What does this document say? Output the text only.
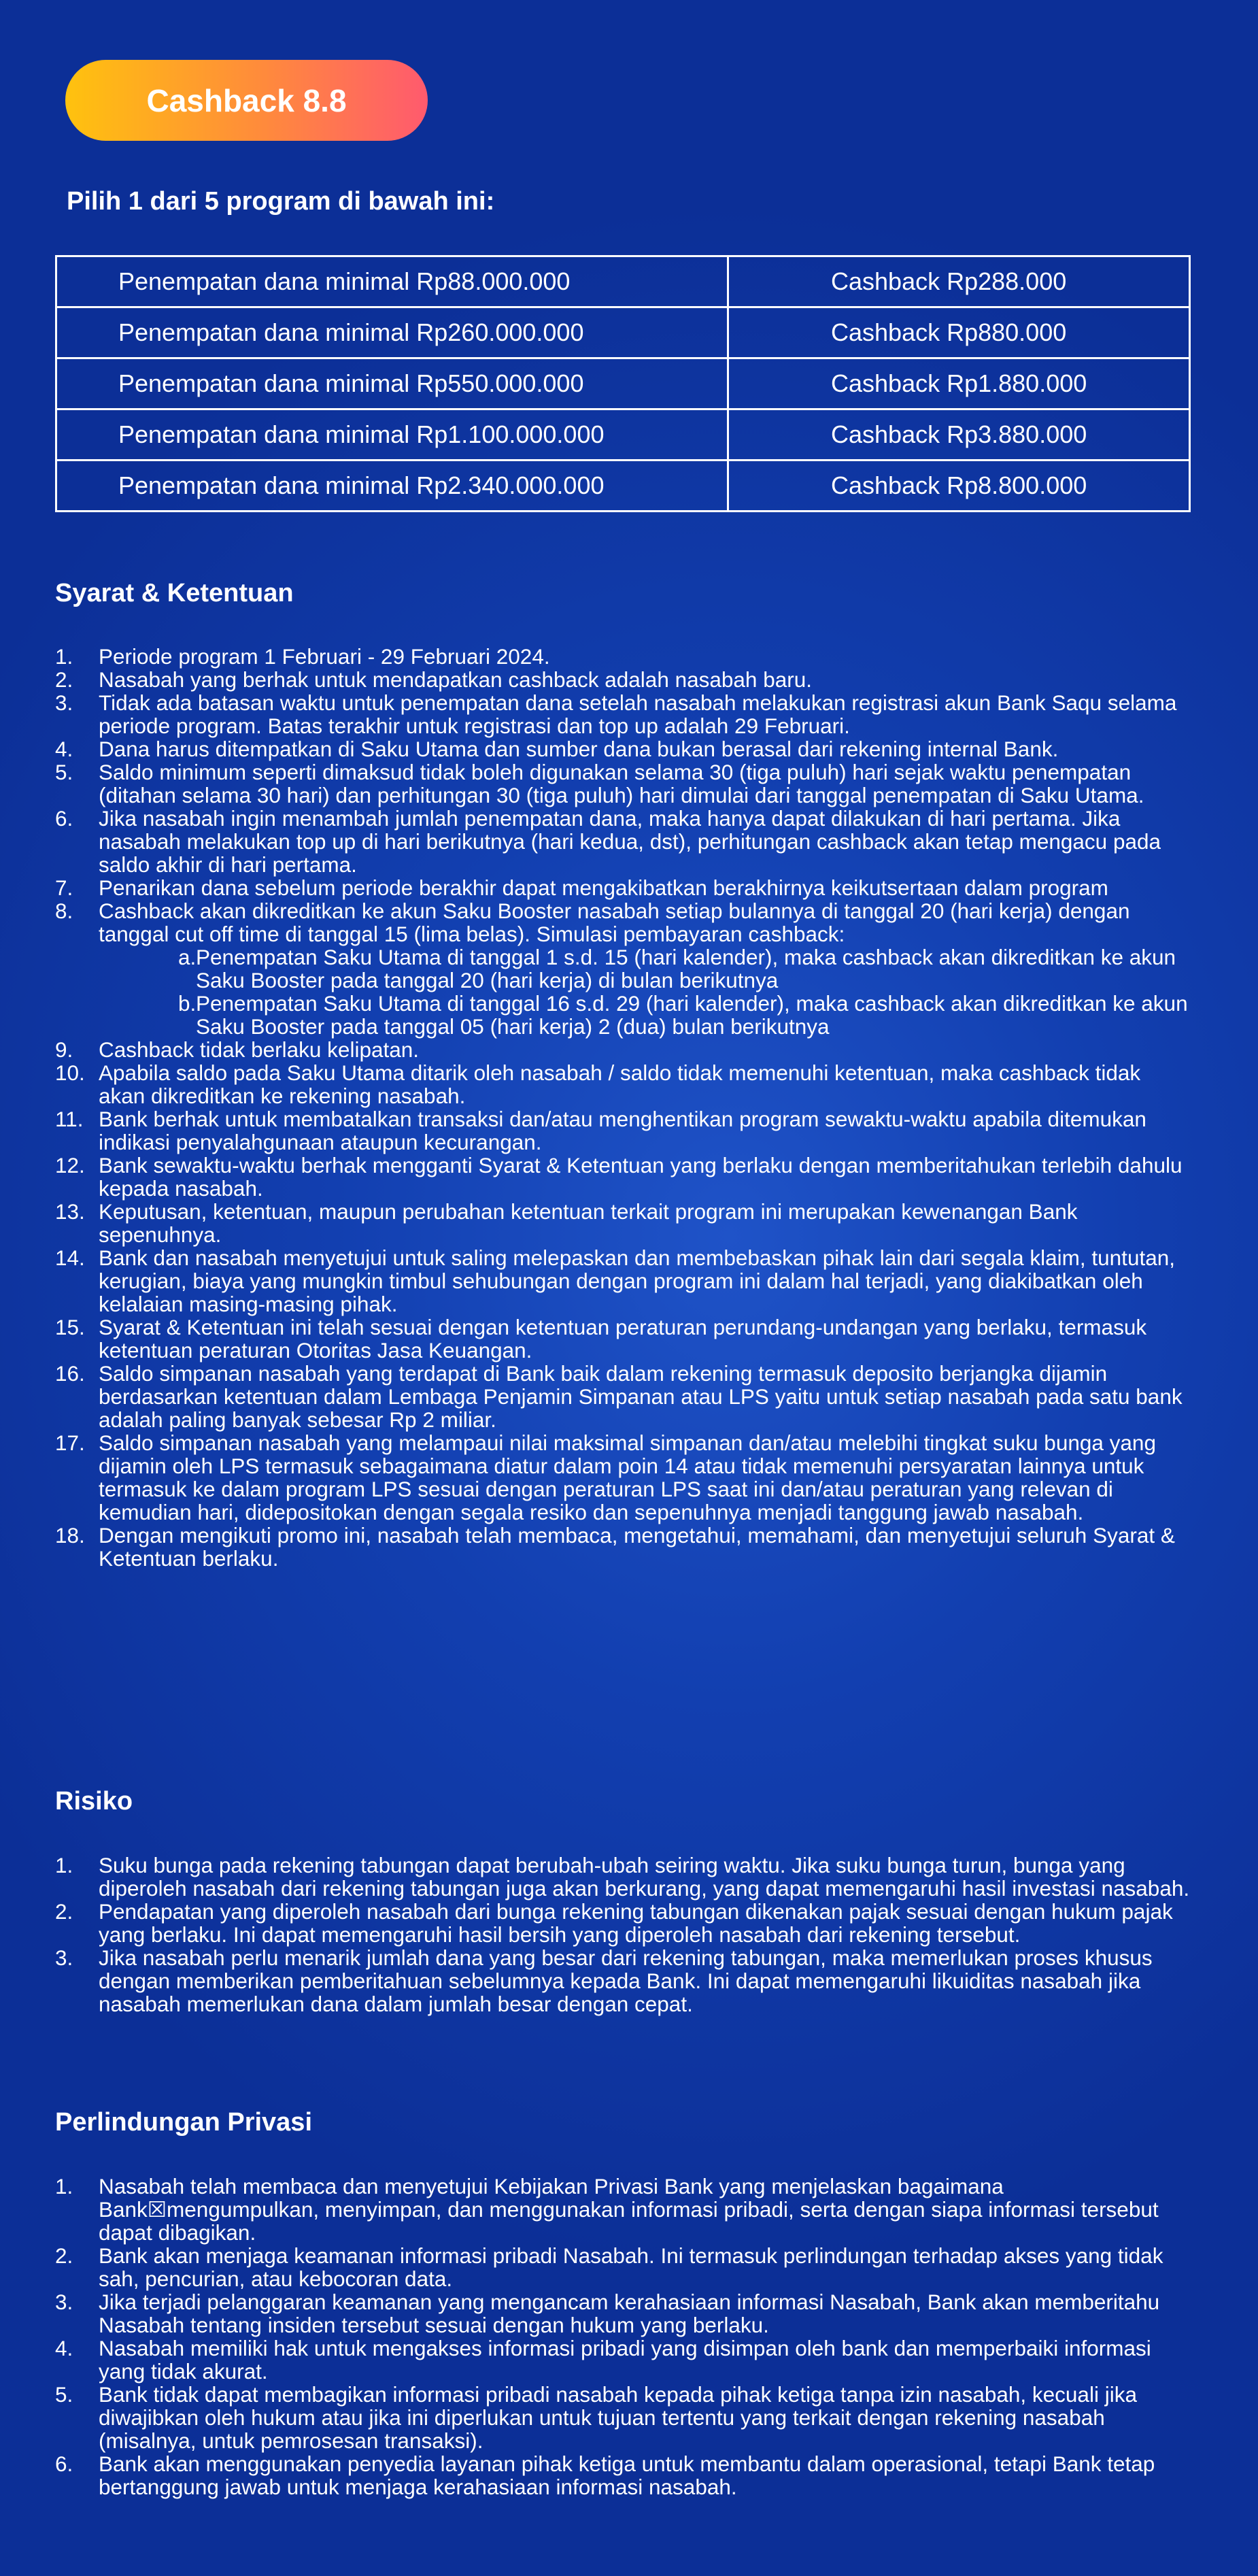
Cashback 8.8
Pilih 1 dari 5 program di bawah ini:
Penempatan dana minimal Rp88.000.000	Cashback Rp288.000
Penempatan dana minimal Rp260.000.000	Cashback Rp880.000
Penempatan dana minimal Rp550.000.000	Cashback Rp1.880.000
Penempatan dana minimal Rp1.100.000.000	Cashback Rp3.880.000
Penempatan dana minimal Rp2.340.000.000	Cashback Rp8.800.000
Syarat & Ketentuan
1. Periode program 1 Februari - 29 Februari 2024.
2. Nasabah yang berhak untuk mendapatkan cashback adalah nasabah baru.
3. Tidak ada batasan waktu untuk penempatan dana setelah nasabah melakukan registrasi akun Bank Saqu selama periode program. Batas terakhir untuk registrasi dan top up adalah 29 Februari.
4. Dana harus ditempatkan di Saku Utama dan sumber dana bukan berasal dari rekening internal Bank.
5. Saldo minimum seperti dimaksud tidak boleh digunakan selama 30 (tiga puluh) hari sejak waktu penempatan (ditahan selama 30 hari) dan perhitungan 30 (tiga puluh) hari dimulai dari tanggal penempatan di Saku Utama.
6. Jika nasabah ingin menambah jumlah penempatan dana, maka hanya dapat dilakukan di hari pertama. Jika nasabah melakukan top up di hari berikutnya (hari kedua, dst), perhitungan cashback akan tetap mengacu pada saldo akhir di hari pertama.
7. Penarikan dana sebelum periode berakhir dapat mengakibatkan berakhirnya keikutsertaan dalam program
8. Cashback akan dikreditkan ke akun Saku Booster nasabah setiap bulannya di tanggal 20 (hari kerja) dengan tanggal cut off time di tanggal 15 (lima belas). Simulasi pembayaran cashback:
a. Penempatan Saku Utama di tanggal 1 s.d. 15 (hari kalender), maka cashback akan dikreditkan ke akun Saku Booster pada tanggal 20 (hari kerja) di bulan berikutnya
b. Penempatan Saku Utama di tanggal 16 s.d. 29 (hari kalender), maka cashback akan dikreditkan ke akun Saku Booster pada tanggal 05 (hari kerja) 2 (dua) bulan berikutnya
9. Cashback tidak berlaku kelipatan.
10. Apabila saldo pada Saku Utama ditarik oleh nasabah / saldo tidak memenuhi ketentuan, maka cashback tidak akan dikreditkan ke rekening nasabah.
11. Bank berhak untuk membatalkan transaksi dan/atau menghentikan program sewaktu-waktu apabila ditemukan indikasi penyalahgunaan ataupun kecurangan.
12. Bank sewaktu-waktu berhak mengganti Syarat & Ketentuan yang berlaku dengan memberitahukan terlebih dahulu kepada nasabah.
13. Keputusan, ketentuan, maupun perubahan ketentuan terkait program ini merupakan kewenangan Bank sepenuhnya.
14. Bank dan nasabah menyetujui untuk saling melepaskan dan membebaskan pihak lain dari segala klaim, tuntutan, kerugian, biaya yang mungkin timbul sehubungan dengan program ini dalam hal terjadi, yang diakibatkan oleh kelalaian masing-masing pihak.
15. Syarat & Ketentuan ini telah sesuai dengan ketentuan peraturan perundang-undangan yang berlaku, termasuk ketentuan peraturan Otoritas Jasa Keuangan.
16. Saldo simpanan nasabah yang terdapat di Bank baik dalam rekening termasuk deposito berjangka dijamin berdasarkan ketentuan dalam Lembaga Penjamin Simpanan atau LPS yaitu untuk setiap nasabah pada satu bank adalah paling banyak sebesar Rp 2 miliar.
17. Saldo simpanan nasabah yang melampaui nilai maksimal simpanan dan/atau melebihi tingkat suku bunga yang dijamin oleh LPS termasuk sebagaimana diatur dalam poin 14 atau tidak memenuhi persyaratan lainnya untuk termasuk ke dalam program LPS sesuai dengan peraturan LPS saat ini dan/atau peraturan yang relevan di kemudian hari, didepositokan dengan segala resiko dan sepenuhnya menjadi tanggung jawab nasabah.
18. Dengan mengikuti promo ini, nasabah telah membaca, mengetahui, memahami, dan menyetujui seluruh Syarat & Ketentuan berlaku.
Risiko
1. Suku bunga pada rekening tabungan dapat berubah-ubah seiring waktu. Jika suku bunga turun, bunga yang diperoleh nasabah dari rekening tabungan juga akan berkurang, yang dapat memengaruhi hasil investasi nasabah.
2. Pendapatan yang diperoleh nasabah dari bunga rekening tabungan dikenakan pajak sesuai dengan hukum pajak yang berlaku. Ini dapat memengaruhi hasil bersih yang diperoleh nasabah dari rekening tersebut.
3. Jika nasabah perlu menarik jumlah dana yang besar dari rekening tabungan, maka memerlukan proses khusus dengan memberikan pemberitahuan sebelumnya kepada Bank. Ini dapat memengaruhi likuiditas nasabah jika nasabah memerlukan dana dalam jumlah besar dengan cepat.
Perlindungan Privasi
1. Nasabah telah membaca dan menyetujui Kebijakan Privasi Bank yang menjelaskan bagaimana Bank☒mengumpulkan, menyimpan, dan menggunakan informasi pribadi, serta dengan siapa informasi tersebut dapat dibagikan.
2. Bank akan menjaga keamanan informasi pribadi Nasabah. Ini termasuk perlindungan terhadap akses yang tidak sah, pencurian, atau kebocoran data.
3. Jika terjadi pelanggaran keamanan yang mengancam kerahasiaan informasi Nasabah, Bank akan memberitahu Nasabah tentang insiden tersebut sesuai dengan hukum yang berlaku.
4. Nasabah memiliki hak untuk mengakses informasi pribadi yang disimpan oleh bank dan memperbaiki informasi yang tidak akurat.
5. Bank tidak dapat membagikan informasi pribadi nasabah kepada pihak ketiga tanpa izin nasabah, kecuali jika diwajibkan oleh hukum atau jika ini diperlukan untuk tujuan tertentu yang terkait dengan rekening nasabah (misalnya, untuk pemrosesan transaksi).
6. Bank akan menggunakan penyedia layanan pihak ketiga untuk membantu dalam operasional, tetapi Bank tetap bertanggung jawab untuk menjaga kerahasiaan informasi nasabah.
